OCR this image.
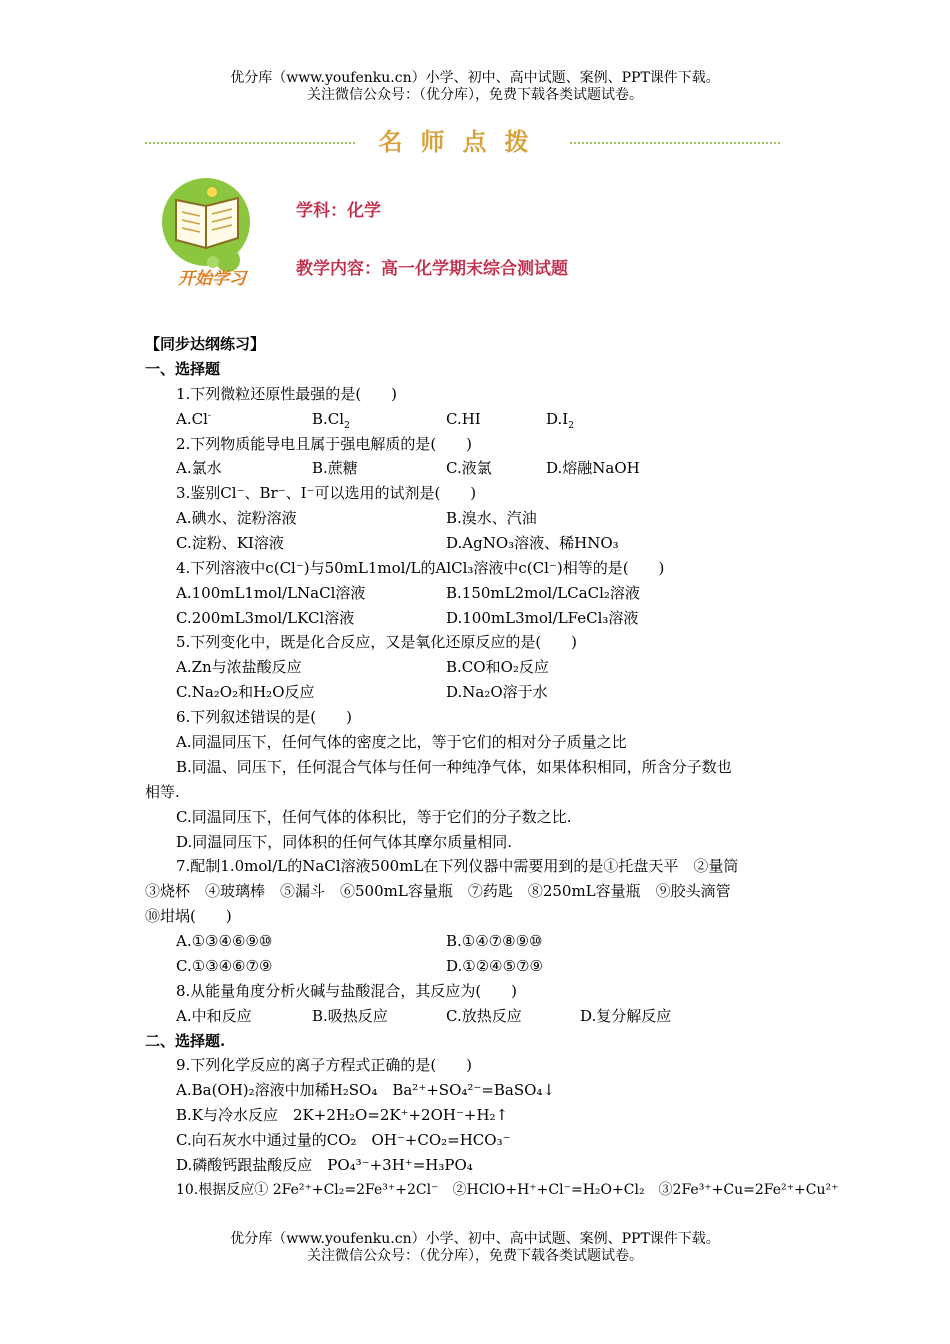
优分库（www.youfenku.cn）小学、初中、高中试题、案例、PPT课件下载。
关注微信公众号：（优分库），免费下载各类试题试卷。
名师点拨
开始学习
学科：化学
教学内容：高一化学期末综合测试题
【同步达纲练习】
一、选择题
1.下列微粒还原性最强的是(　　)
A.Cl-	$B.Cl_2$	C.HI	$D.I_2$
2.下列物质能导电且属于强电解质的是(　　)
A.氯水	B.蔗糖	C.液氯	D.熔融NaOH
3.鉴别Cl⁻、Br⁻、I⁻可以选用的试剂是(　　)
A.碘水、淀粉溶液	B.溴水、汽油
C.淀粉、KI溶液	D.AgNO₃溶液、稀HNO₃
4.下列溶液中c(Cl⁻)与50mL1mol/L的AlCl₃溶液中c(Cl⁻)相等的是(　　)
A.100mL1mol/LNaCl溶液	B.150mL2mol/LCaCl₂溶液
C.200mL3mol/LKCl溶液	D.100mL3mol/LFeCl₃溶液
5.下列变化中，既是化合反应，又是氧化还原反应的是(　　)
A.Zn与浓盐酸反应	B.CO和O₂反应
C.Na₂O₂和H₂O反应	D.Na₂O溶于水
6.下列叙述错误的是(　　)
A.同温同压下，任何气体的密度之比，等于它们的相对分子质量之比
B.同温、同压下，任何混合气体与任何一种纯净气体，如果体积相同，所含分子数也
相等.
C.同温同压下，任何气体的体积比，等于它们的分子数之比.
D.同温同压下，同体积的任何气体其摩尔质量相同.
7.配制1.0mol/L的NaCl溶液500mL在下列仪器中需要用到的是①托盘天平　②量筒
③烧杯　④玻璃棒　⑤漏斗　⑥500mL容量瓶　⑦药匙　⑧250mL容量瓶　⑨胶头滴管
⑩坩埚(　　)
A.①③④⑥⑨⑩	B.①④⑦⑧⑨⑩
C.①③④⑥⑦⑨	D.①②④⑤⑦⑨
8.从能量角度分析火碱与盐酸混合，其反应为(　　)
A.中和反应	B.吸热反应	C.放热反应	D.复分解反应
二、选择题.
9.下列化学反应的离子方程式正确的是(　　)
A.Ba(OH)₂溶液中加稀H₂SO₄　Ba²⁺+SO₄²⁻=BaSO₄↓
B.K与冷水反应　2K+2H₂O=2K⁺+2OH⁻+H₂↑
C.向石灰水中通过量的CO₂　OH⁻+CO₂=HCO₃⁻
D.磷酸钙跟盐酸反应　PO₄³⁻+3H⁺=H₃PO₄
10.根据反应① 2Fe²⁺+Cl₂=2Fe³⁺+2Cl⁻　②HClO+H⁺+Cl⁻=H₂O+Cl₂　③2Fe³⁺+Cu=2Fe²⁺+Cu²⁺
优分库（www.youfenku.cn）小学、初中、高中试题、案例、PPT课件下载。
关注微信公众号：（优分库），免费下载各类试题试卷。
